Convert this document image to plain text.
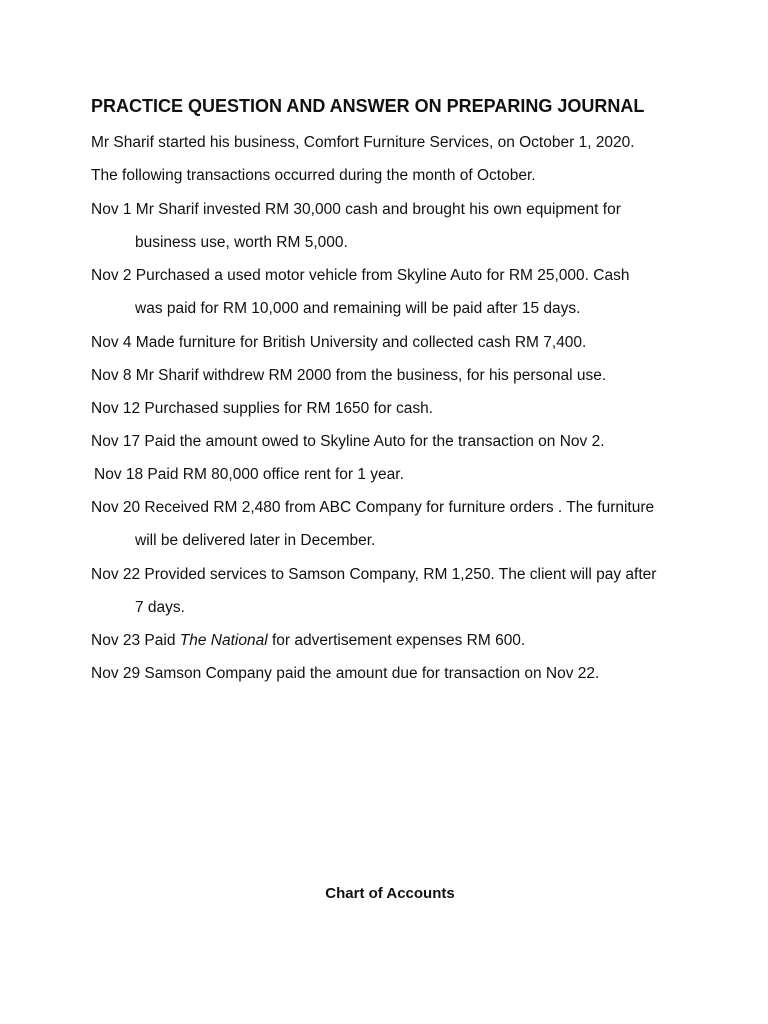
PRACTICE QUESTION AND ANSWER ON PREPARING JOURNAL
Mr Sharif started his business, Comfort Furniture Services, on October 1, 2020.
The following transactions occurred during the month of October.
Nov 1 Mr Sharif invested RM 30,000 cash and brought his own equipment for
business use, worth RM 5,000.
Nov 2 Purchased a used motor vehicle from Skyline Auto for RM 25,000. Cash
was paid for RM 10,000 and remaining will be paid after 15 days.
Nov 4 Made furniture for British University and collected cash RM 7,400.
Nov 8 Mr Sharif withdrew RM 2000 from the business, for his personal use.
Nov 12 Purchased supplies for RM 1650 for cash.
Nov 17 Paid the amount owed to Skyline Auto for the transaction on Nov 2.
Nov 18 Paid RM 80,000 office rent for 1 year.
Nov 20 Received RM 2,480 from ABC Company for furniture orders . The furniture
will be delivered later in December.
Nov 22 Provided services to Samson Company, RM 1,250. The client will pay after
7 days.
Nov 23 Paid The National for advertisement expenses RM 600.
Nov 29 Samson Company paid the amount due for transaction on Nov 22.
Chart of Accounts
